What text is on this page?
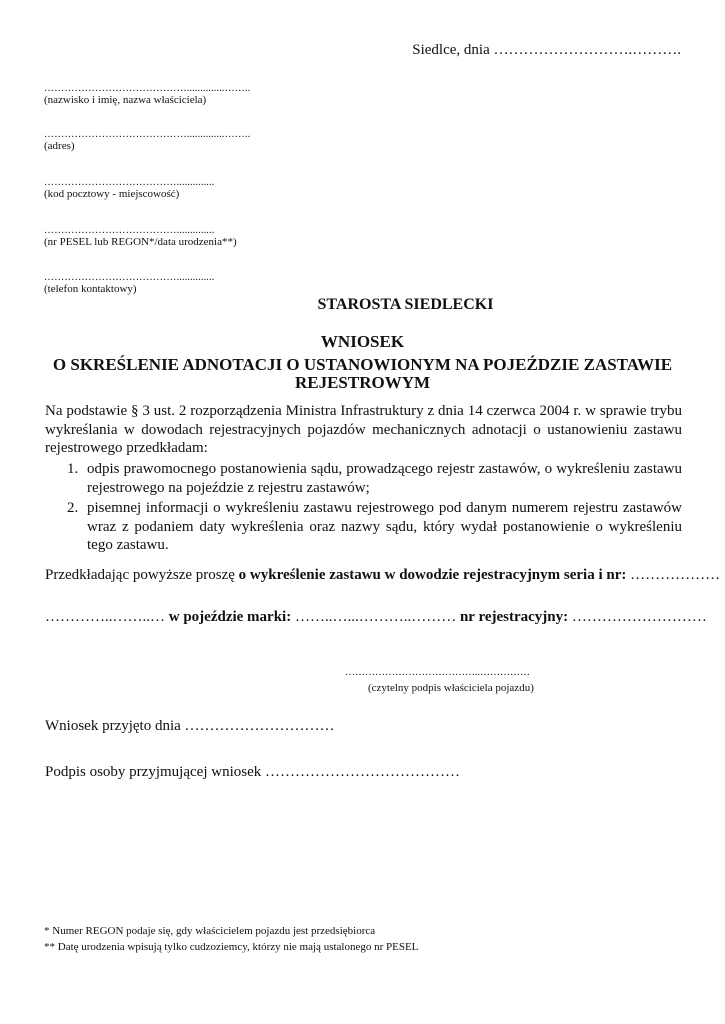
Siedlce, dnia ……………………….……….
……………………………………..............……..
(nazwisko i imię, nazwa właściciela)
……………………………………..............……..
(adres)
…………………………………..............
(kod pocztowy - miejscowość)
…………………………………..............
(nr PESEL lub REGON*/data urodzenia**)
…………………………………..............
(telefon kontaktowy)
STAROSTA SIEDLECKI
WNIOSEK
O SKREŚLENIE ADNOTACJI O USTANOWIONYM NA POJEŹDZIE ZASTAWIE
REJESTROWYM
Na podstawie § 3 ust. 2 rozporządzenia Ministra Infrastruktury z dnia 14 czerwca 2004 r. w sprawie trybu wykreślania w dowodach rejestracyjnych pojazdów mechanicznych adnotacji o ustanowieniu zastawu rejestrowego przedkładam:
1. odpis prawomocnego postanowienia sądu, prowadzącego rejestr zastawów, o wykreśleniu zastawu rejestrowego na pojeździe z rejestru zastawów;
2. pisemnej informacji o wykreśleniu zastawu rejestrowego pod danym numerem rejestru zastawów wraz z podaniem daty wykreślenia oraz nazwy sądu, który wydał postanowienie o wykreśleniu tego zastawu.
Przedkładając powyższe proszę o wykreślenie zastawu w dowodzie rejestracyjnym seria i nr: ………………
…………..……..… w pojeździe marki: ……..…...………..……… nr rejestracyjny: ………………………
…………………………………..……………
(czytelny podpis właściciela pojazdu)
Wniosek przyjęto dnia …………………………
Podpis osoby przyjmującej wniosek …………………………………
* Numer REGON podaje się, gdy właścicielem pojazdu jest przedsiębiorca
** Datę urodzenia wpisują tylko cudzoziemcy, którzy nie mają ustalonego nr PESEL
